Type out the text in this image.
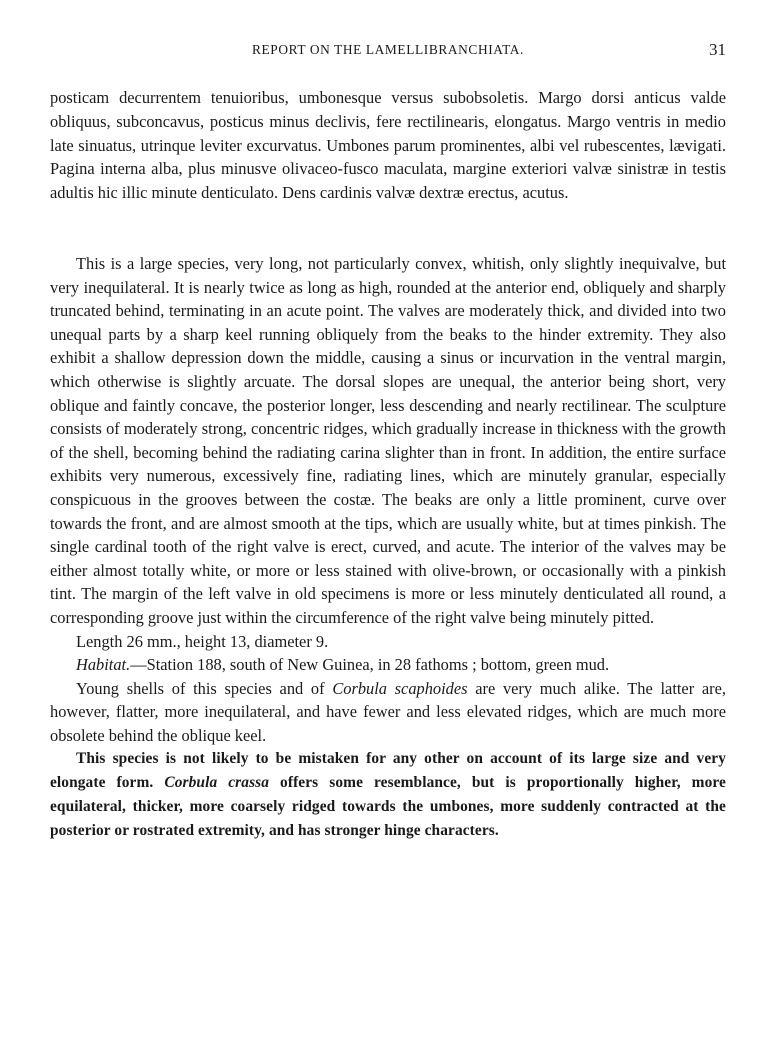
REPORT ON THE LAMELLIBRANCHIATA.	31

posticam decurrentem tenuioribus, umbonesque versus subobsoletis. Margo dorsi anticus valde obliquus, subconcavus, posticus minus declivis, fere rectilinearis, elongatus. Margo ventris in medio late sinuatus, utrinque leviter excurvatus. Umbones parum prominentes, albi vel rubescentes, lævigati. Pagina interna alba, plus minusve olivaceo-fusco maculata, margine exteriori valvæ sinistræ in testis adultis hic illic minute denticulato. Dens cardinis valvæ dextræ erectus, acutus.

This is a large species, very long, not particularly convex, whitish, only slightly inequivalve, but very inequilateral. It is nearly twice as long as high, rounded at the anterior end, obliquely and sharply truncated behind, terminating in an acute point. The valves are moderately thick, and divided into two unequal parts by a sharp keel running obliquely from the beaks to the hinder extremity. They also exhibit a shallow depression down the middle, causing a sinus or incurvation in the ventral margin, which otherwise is slightly arcuate. The dorsal slopes are unequal, the anterior being short, very oblique and faintly concave, the posterior longer, less descending and nearly rectilinear. The sculpture consists of moderately strong, concentric ridges, which gradually increase in thickness with the growth of the shell, becoming behind the radiating carina slighter than in front. In addition, the entire surface exhibits very numerous, excessively fine, radiating lines, which are minutely granular, especially conspicuous in the grooves between the costæ. The beaks are only a little prominent, curve over towards the front, and are almost smooth at the tips, which are usually white, but at times pinkish. The single cardinal tooth of the right valve is erect, curved, and acute. The interior of the valves may be either almost totally white, or more or less stained with olive-brown, or occasionally with a pinkish tint. The margin of the left valve in old specimens is more or less minutely denticulated all round, a corresponding groove just within the circumference of the right valve being minutely pitted.

Length 26 mm., height 13, diameter 9.

Habitat.—Station 188, south of New Guinea, in 28 fathoms ; bottom, green mud.

Young shells of this species and of Corbula scaphoides are very much alike. The latter are, however, flatter, more inequilateral, and have fewer and less elevated ridges, which are much more obsolete behind the oblique keel.

This species is not likely to be mistaken for any other on account of its large size and very elongate form. Corbula crassa offers some resemblance, but is proportionally higher, more equilateral, thicker, more coarsely ridged towards the umbones, more suddenly contracted at the posterior or rostrated extremity, and has stronger hinge characters.
